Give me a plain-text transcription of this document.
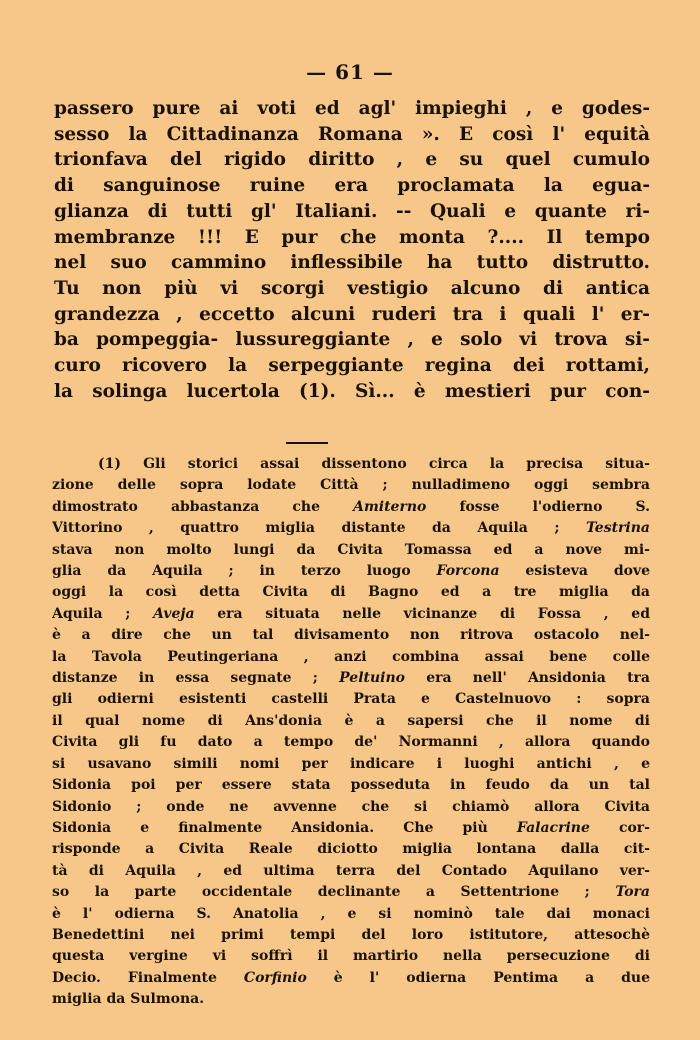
— 61 —
passero pure ai voti ed agl' impieghi , e godes-
sesso la Cittadinanza Romana ». E così l' equità
trionfava del rigido diritto , e su quel cumulo
di sanguinose ruine era proclamata la egua-
glianza di tutti gl' Italiani. -- Quali e quante ri-
membranze !!! E pur che monta ?.... Il tempo
nel suo cammino inflessibile ha tutto distrutto.
Tu non più vi scorgi vestigio alcuno di antica
grandezza , eccetto alcuni ruderi tra i quali l' er-
ba pompeggia- lussureggiante , e solo vi trova si-
curo ricovero la serpeggiante regina dei rottami,
la solinga lucertola (1). Sì... è mestieri pur con-
(1) Gli storici assai dissentono circa la precisa situa-
zione delle sopra lodate Città ; nulladimeno oggi sembra
dimostrato abbastanza che Amiterno fosse l'odierno S.
Vittorino , quattro miglia distante da Aquila ; Testrina
stava non molto lungi da Civita Tomassa ed a nove mi-
glia da Aquila ; in terzo luogo Forcona esisteva dove
oggi la così detta Civita di Bagno ed a tre miglia da
Aquila ; Aveja era situata nelle vicinanze di Fossa , ed
è a dire che un tal divisamento non ritrova ostacolo nel-
la Tavola Peutingeriana , anzi combina assai bene colle
distanze in essa segnate ; Peltuino era nell' Ansidonia tra
gli odierni esistenti castelli Prata e Castelnuovo : sopra
il qual nome di Ans'donia è a sapersi che il nome di
Civita gli fu dato a tempo de' Normanni , allora quando
si usavano simili nomi per indicare i luoghi antichi , e
Sidonia poi per essere stata posseduta in feudo da un tal
Sidonio ; onde ne avvenne che si chiamò allora Civita
Sidonia e finalmente Ansidonia. Che più Falacrine cor-
risponde a Civita Reale diciotto miglia lontana dalla cit-
tà di Aquila , ed ultima terra del Contado Aquilano ver-
so la parte occidentale declinante a Settentrione ; Tora
è l' odierna S. Anatolia , e si nominò tale dai monaci
Benedettini nei primi tempi del loro istitutore, attesochè
questa vergine vi soffrì il martirio nella persecuzione di
Decio. Finalmente Corfinio è l' odierna Pentima a due
miglia da Sulmona.
